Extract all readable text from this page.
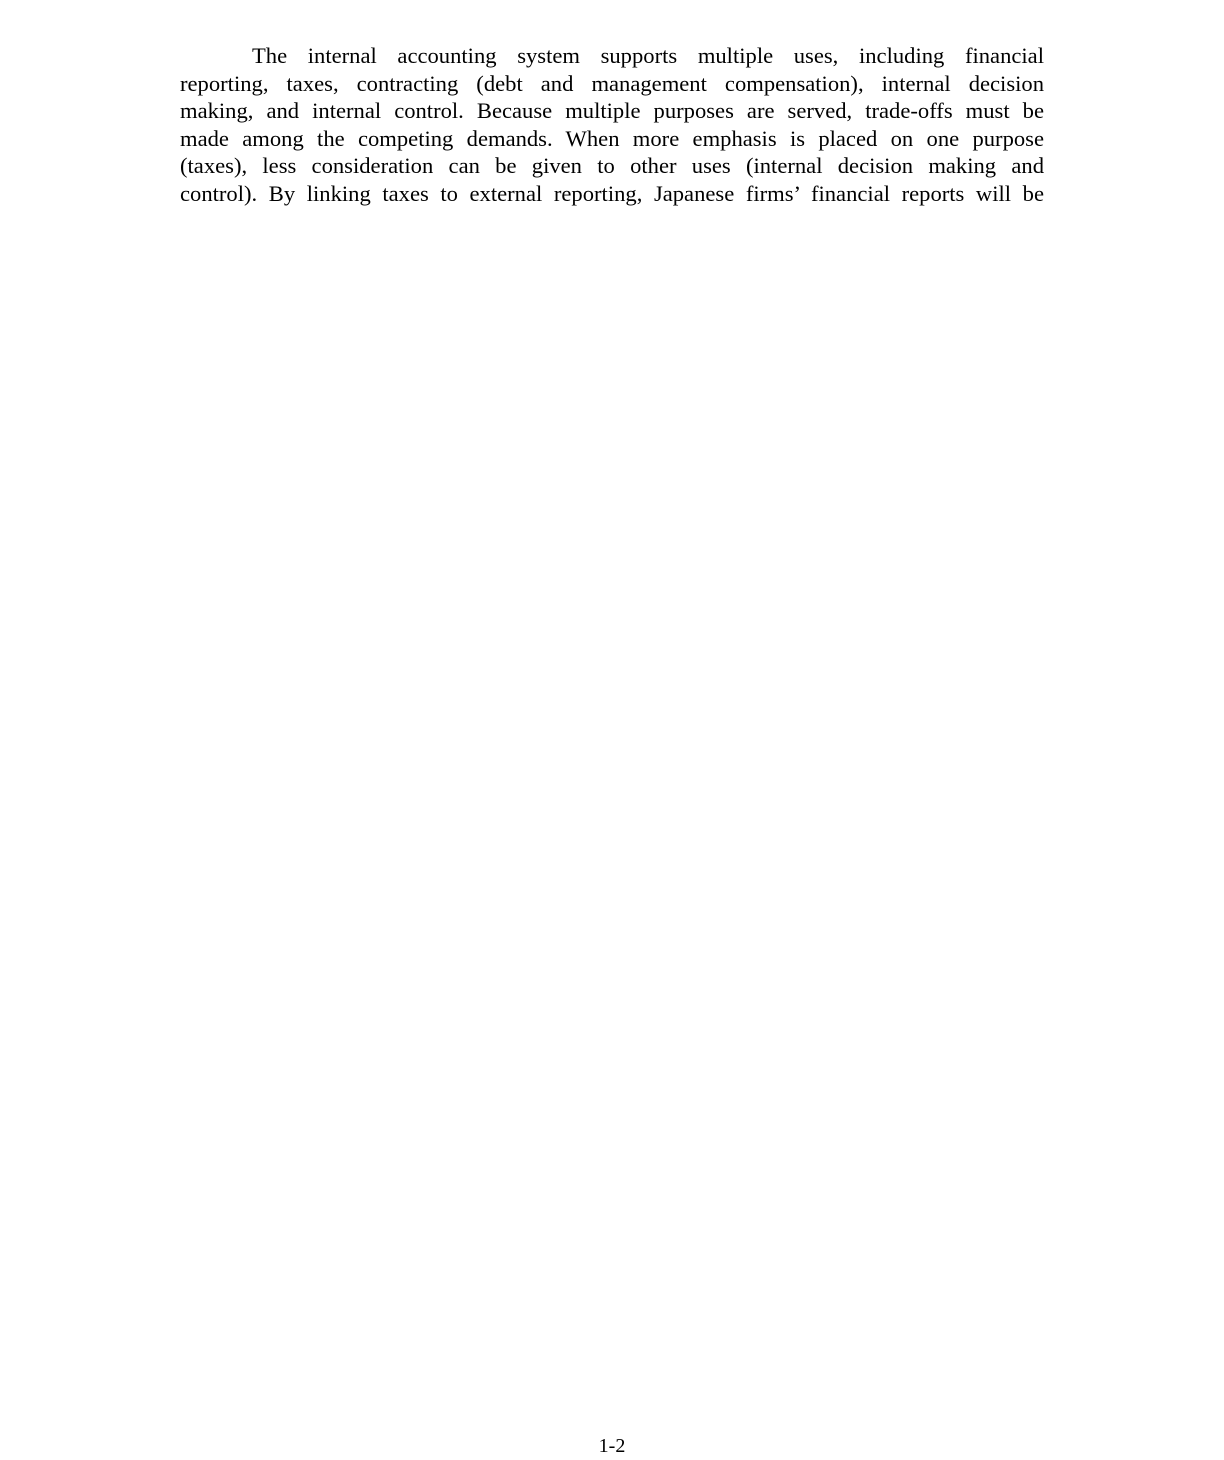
The internal accounting system supports multiple uses, including financial
reporting, taxes, contracting (debt and management compensation), internal decision
making, and internal control. Because multiple purposes are served, trade-offs must be
made among the competing demands. When more emphasis is placed on one purpose
(taxes), less consideration can be given to other uses (internal decision making and
control). By linking taxes to external reporting, Japanese firms’ financial reports will be

1-2
